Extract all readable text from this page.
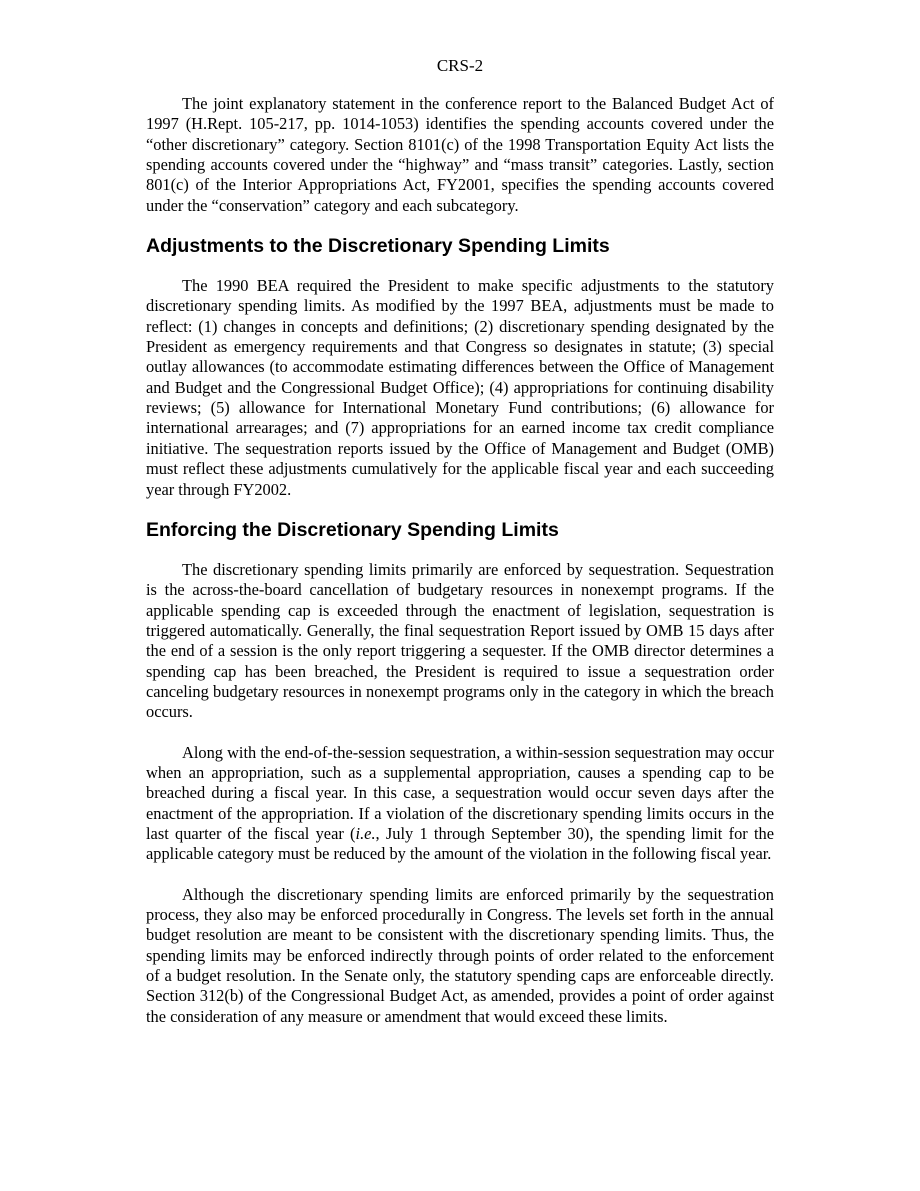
CRS-2

The joint explanatory statement in the conference report to the Balanced Budget Act of 1997 (H.Rept. 105-217, pp. 1014-1053) identifies the spending accounts covered under the “other discretionary” category. Section 8101(c) of the 1998 Transportation Equity Act lists the spending accounts covered under the “highway” and “mass transit” categories. Lastly, section 801(c) of the Interior Appropriations Act, FY2001, specifies the spending accounts covered under the “conservation” category and each subcategory.

Adjustments to the Discretionary Spending Limits

The 1990 BEA required the President to make specific adjustments to the statutory discretionary spending limits. As modified by the 1997 BEA, adjustments must be made to reflect: (1) changes in concepts and definitions; (2) discretionary spending designated by the President as emergency requirements and that Congress so designates in statute; (3) special outlay allowances (to accommodate estimating differences between the Office of Management and Budget and the Congressional Budget Office); (4) appropriations for continuing disability reviews; (5) allowance for International Monetary Fund contributions; (6) allowance for international arrearages; and (7) appropriations for an earned income tax credit compliance initiative. The sequestration reports issued by the Office of Management and Budget (OMB) must reflect these adjustments cumulatively for the applicable fiscal year and each succeeding year through FY2002.

Enforcing the Discretionary Spending Limits

The discretionary spending limits primarily are enforced by sequestration. Sequestration is the across-the-board cancellation of budgetary resources in nonexempt programs. If the applicable spending cap is exceeded through the enactment of legislation, sequestration is triggered automatically. Generally, the final sequestration Report issued by OMB 15 days after the end of a session is the only report triggering a sequester. If the OMB director determines a spending cap has been breached, the President is required to issue a sequestration order canceling budgetary resources in nonexempt programs only in the category in which the breach occurs.

Along with the end-of-the-session sequestration, a within-session sequestration may occur when an appropriation, such as a supplemental appropriation, causes a spending cap to be breached during a fiscal year. In this case, a sequestration would occur seven days after the enactment of the appropriation. If a violation of the discretionary spending limits occurs in the last quarter of the fiscal year (i.e., July 1 through September 30), the spending limit for the applicable category must be reduced by the amount of the violation in the following fiscal year.

Although the discretionary spending limits are enforced primarily by the sequestration process, they also may be enforced procedurally in Congress. The levels set forth in the annual budget resolution are meant to be consistent with the discretionary spending limits. Thus, the spending limits may be enforced indirectly through points of order related to the enforcement of a budget resolution. In the Senate only, the statutory spending caps are enforceable directly. Section 312(b) of the Congressional Budget Act, as amended, provides a point of order against the consideration of any measure or amendment that would exceed these limits.
